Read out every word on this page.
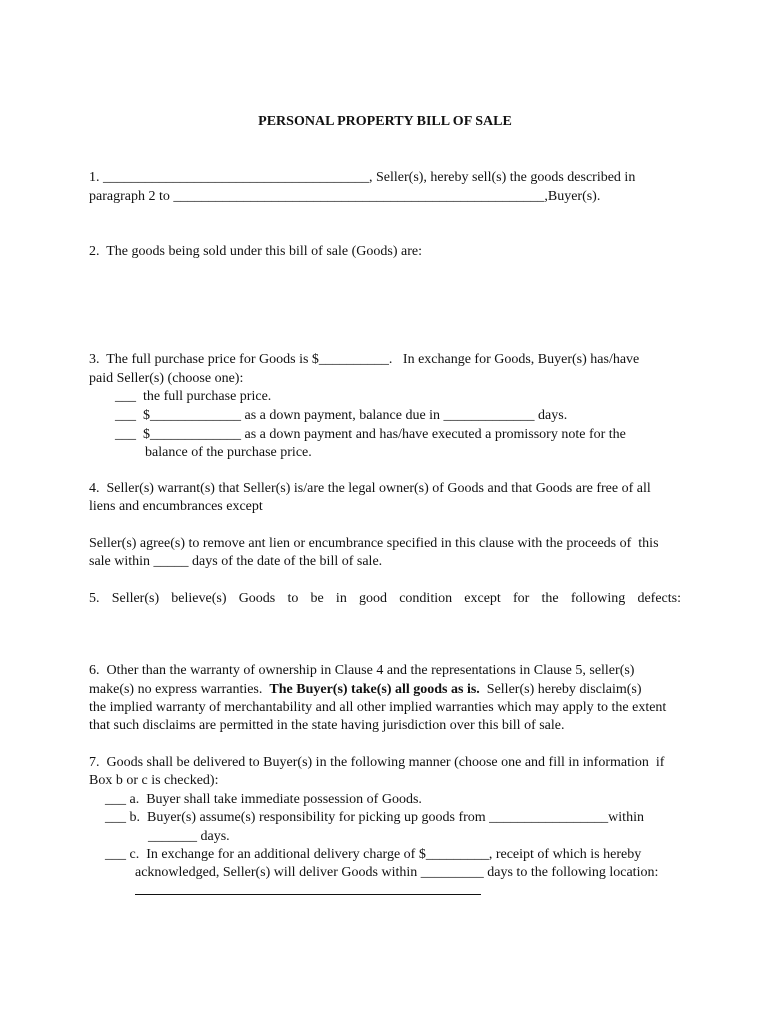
PERSONAL PROPERTY BILL OF SALE
1. ______________________________________, Seller(s), hereby sell(s) the goods described in
paragraph 2 to _____________________________________________________,Buyer(s).
2.  The goods being sold under this bill of sale (Goods) are:
3.  The full purchase price for Goods is $__________.   In exchange for Goods, Buyer(s) has/have
paid Seller(s) (choose one):
___  the full purchase price.
___  $_____________ as a down payment, balance due in _____________ days.
___  $_____________ as a down payment and has/have executed a promissory note for the
balance of the purchase price.
4.  Seller(s) warrant(s) that Seller(s) is/are the legal owner(s) of Goods and that Goods are free of all
liens and encumbrances except
Seller(s) agree(s) to remove ant lien or encumbrance specified in this clause with the proceeds of  this
sale within _____ days of the date of the bill of sale.
5. Seller(s) believe(s) Goods to be in good condition except for the following defects:
6.  Other than the warranty of ownership in Clause 4 and the representations in Clause 5, seller(s)
make(s) no express warranties.  The Buyer(s) take(s) all goods as is.  Seller(s) hereby disclaim(s)
the implied warranty of merchantability and all other implied warranties which may apply to the extent
that such disclaims are permitted in the state having jurisdiction over this bill of sale.
7.  Goods shall be delivered to Buyer(s) in the following manner (choose one and fill in information  if
Box b or c is checked):
___ a.  Buyer shall take immediate possession of Goods.
___ b.  Buyer(s) assume(s) responsibility for picking up goods from _________________within
_______ days.
___ c.  In exchange for an additional delivery charge of $_________, receipt of which is hereby
acknowledged, Seller(s) will deliver Goods within _________ days to the following location:
